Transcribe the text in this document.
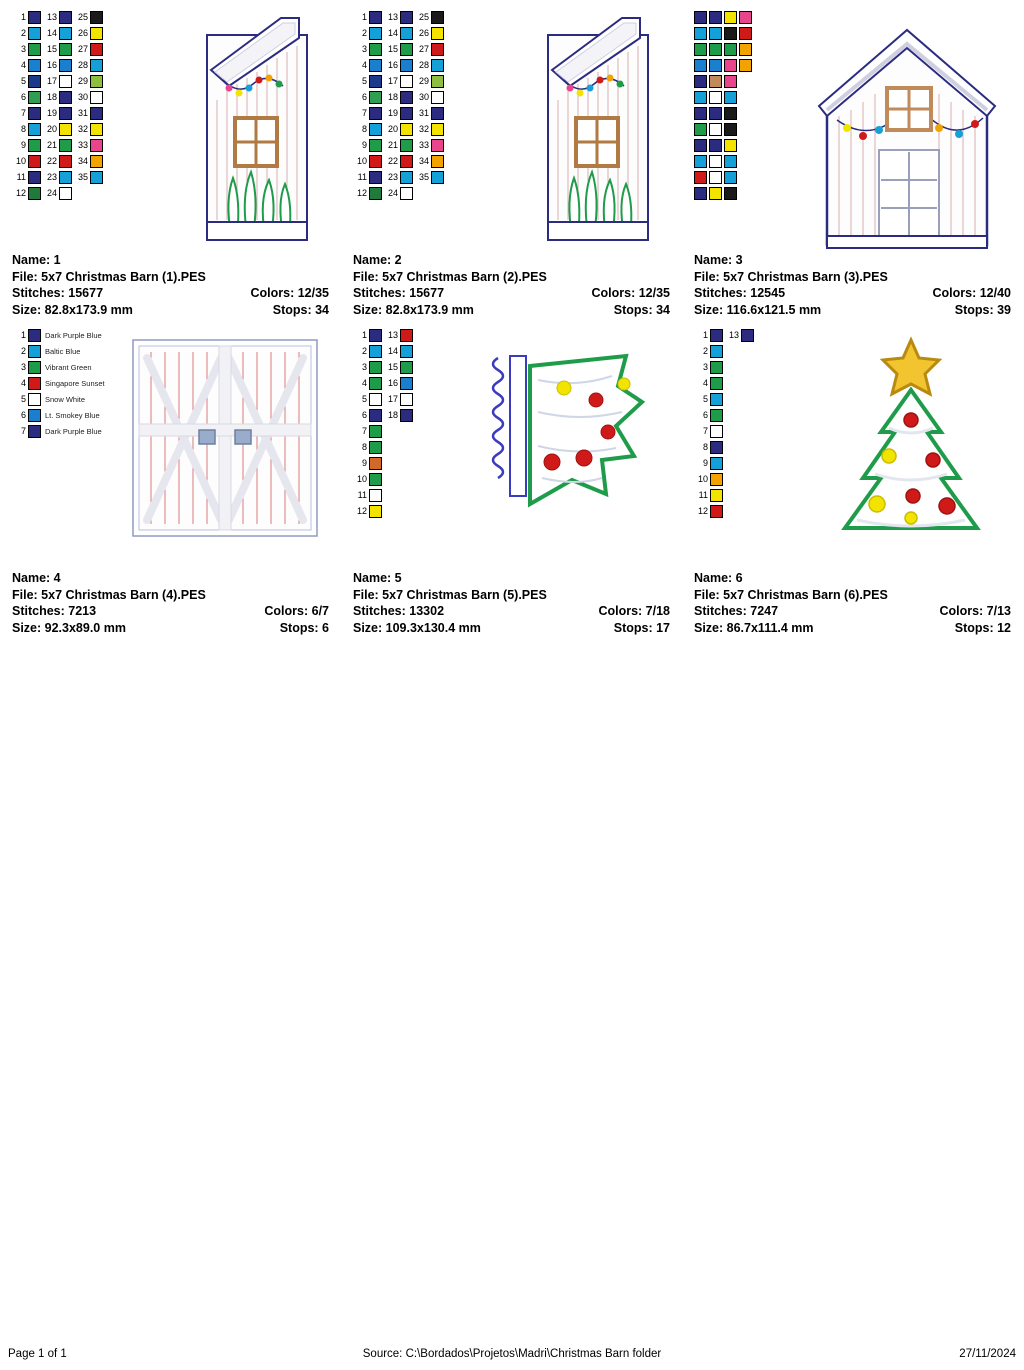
1
2
3
4
5
6
7
8
9
10
11
12
13
14
15
16
17
18
19
20
21
22
23
24
25
26
27
28
29
30
31
32
33
34
35
Name: 1
File: 5x7 Christmas Barn (1).PES
Stitches: 15677	Colors: 12/35
Size: 82.8x173.9 mm	Stops: 34
1
2
3
4
5
6
7
8
9
10
11
12
13
14
15
16
17
18
19
20
21
22
23
24
25
26
27
28
29
30
31
32
33
34
35
Name: 2
File: 5x7 Christmas Barn (2).PES
Stitches: 15677	Colors: 12/35
Size: 82.8x173.9 mm	Stops: 34
Name: 3
File: 5x7 Christmas Barn (3).PES
Stitches: 12545	Colors: 12/40
Size: 116.6x121.5 mm	Stops: 39
1	Dark Purple Blue
2	Baltic Blue
3	Vibrant Green
4	Singapore Sunset
5	Snow White
6	Lt. Smokey Blue
7	Dark Purple Blue
Name: 4
File: 5x7 Christmas Barn (4).PES
Stitches: 7213	Colors: 6/7
Size: 92.3x89.0 mm	Stops: 6
1
2
3
4
5
6
7
8
9
10
11
12
13
14
15
16
17
18
Name: 5
File: 5x7 Christmas Barn (5).PES
Stitches: 13302	Colors: 7/18
Size: 109.3x130.4 mm	Stops: 17
1
2
3
4
5
6
7
8
9
10
11
12
13
Name: 6
File: 5x7 Christmas Barn (6).PES
Stitches: 7247	Colors: 7/13
Size: 86.7x111.4 mm	Stops: 12
Page 1 of 1	Source: C:\Bordados\Projetos\Madri\Christmas Barn folder	27/11/2024
